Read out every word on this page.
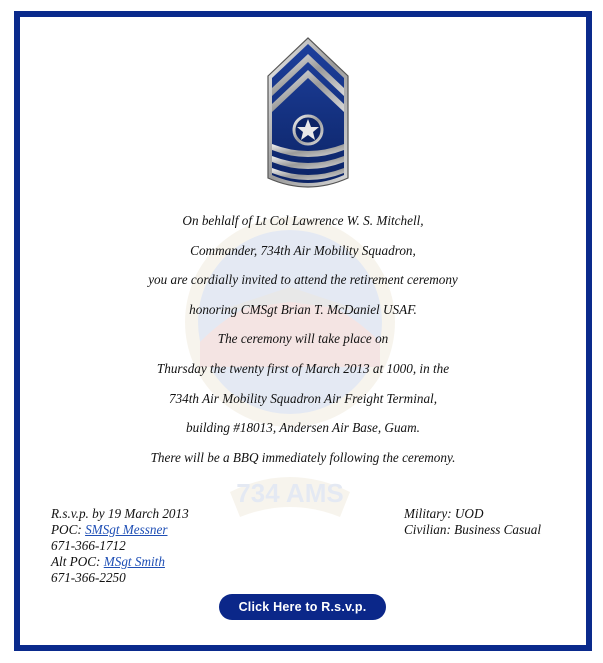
734 AMS
On behlalf of Lt Col Lawrence W. S. Mitchell,
Commander, 734th Air Mobility Squadron,
you are cordially invited to attend the retirement ceremony
honoring CMSgt Brian T. McDaniel USAF.
The ceremony will take place on
Thursday the twenty first of March 2013 at 1000, in the
734th Air Mobility Squadron Air Freight Terminal,
building #18013, Andersen Air Base, Guam.
There will be a BBQ immediately following the ceremony.
R.s.v.p. by 19 March 2013
POC: SMSgt Messner
671-366-1712
Alt POC: MSgt Smith
671-366-2250
Military: UOD
Civilian: Business Casual
Click Here to R.s.v.p.
